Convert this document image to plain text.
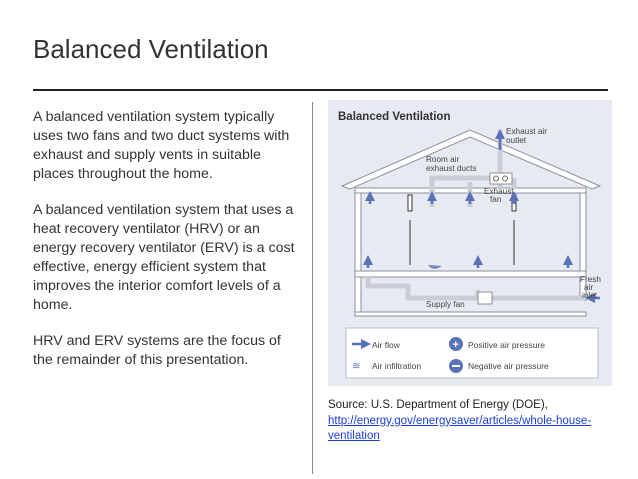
Balanced Ventilation

A balanced ventilation system typically uses two fans and two duct systems with exhaust and supply vents in suitable places throughout the home.

A balanced ventilation system that uses a heat recovery ventilator (HRV) or an energy recovery ventilator (ERV) is a cost effective, energy efficient system that improves the interior comfort levels of a home.

HRV and ERV systems are the focus of the remainder of this presentation.

Balanced Ventilation
Exhaust air
outlet
Room air
exhaust ducts
Exhaust
fan
Fresh
air
inlet
Supply fan
Air flow
≋ Air infiltration
+ Positive air pressure
Negative air pressure
Source: U.S. Department of Energy (DOE), http://energy.gov/energysaver/articles/whole-house-ventilation
